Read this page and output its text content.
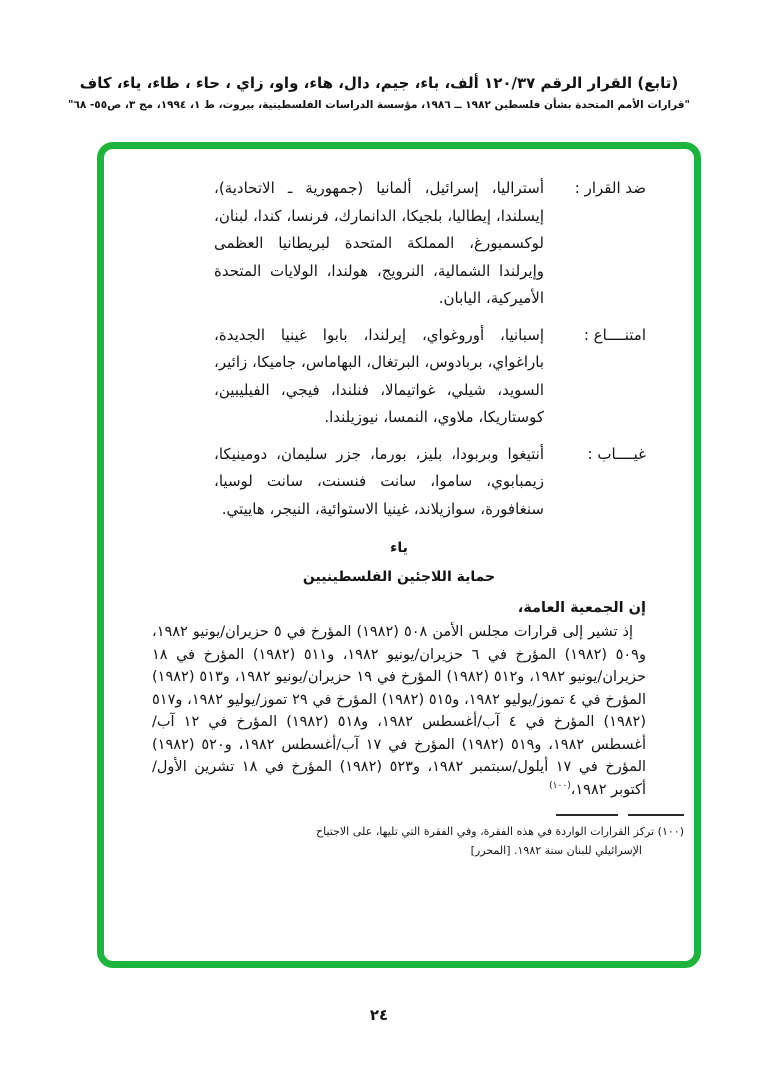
(تابع) القرار الرقم ١٢٠/٣٧ ألف، باء، جيم، دال، هاء، واو، زاي ، حاء ، طاء، ياء، كاف
"قرارات الأمم المتحدة بشأن فلسطين ١٩٨٢ ــ ١٩٨٦، مؤسسة الدراسات الفلسطينية، بيروت، ط ١، ١٩٩٤، مج ٣، ص٥٥- ٦٨"
ضد القرار :
أستراليا، إسرائيل، ألمانيا (جمهورية ـ الاتحادية)، إيسلندا، إيطاليا، بلجيكا، الدانمارك، فرنسا، كندا، لبنان، لوكسمبورغ، المملكة المتحدة لبريطانيا العظمى وإيرلندا الشمالية، النرويج، هولندا، الولايات المتحدة الأميركية، اليابان.
امتنــــاع :
إسبانيا، أوروغواي، إيرلندا، بابوا غينيا الجديدة، باراغواي، بربادوس، البرتغال، البهاماس، جاميكا، زائير، السويد، شيلي، غواتيمالا، فنلندا، فيجي، الفيليبين، كوستاريكا، ملاوي، النمسا، نيوزيلندا.
غيــــاب :
أنتيغوا وبربودا، بليز، بورما، جزر سليمان، دومينيكا، زيمبابوي، ساموا، سانت فنسنت، سانت لوسيا، سنغافورة، سوازيلاند، غينيا الاستوائية، النيجر، هاييتي.
ياء
حماية اللاجئين الفلسطينيين
إن الجمعية العامة،

إذ تشير إلى قرارات مجلس الأمن ٥٠٨ (١٩٨٢) المؤرخ في ٥ حزيران/يونيو ١٩٨٢، و٥٠٩ (١٩٨٢) المؤرخ في ٦ حزيران/يونيو ١٩٨٢، و٥١١ (١٩٨٢) المؤرخ في ١٨ حزيران/يونيو ١٩٨٢، و٥١٢ (١٩٨٢) المؤرخ في ١٩ حزيران/يونيو ١٩٨٢، و٥١٣ (١٩٨٢) المؤرخ في ٤ تموز/يوليو ١٩٨٢، و٥١٥ (١٩٨٢) المؤرخ في ٢٩ تموز/يوليو ١٩٨٢، و٥١٧ (١٩٨٢) المؤرخ في ٤ آب/أغسطس ١٩٨٢، و٥١٨ (١٩٨٢) المؤرخ في ١٢ آب/أغسطس ١٩٨٢، و٥١٩ (١٩٨٢) المؤرخ في ١٧ آب/أغسطس ١٩٨٢، و٥٢٠ (١٩٨٢) المؤرخ في ١٧ أيلول/سبتمبر ١٩٨٢، و٥٢٣ (١٩٨٢) المؤرخ في ١٨ تشرين الأول/أكتوبر ١٩٨٢،$^{(١٠٠)}$

(١٠٠) تركز القرارات الواردة في هذه الفقرة، وفي الفقرة التي تليها، على الاجتياح الإسرائيلي للبنان سنة ١٩٨٢. [المحرر]

٢٤
